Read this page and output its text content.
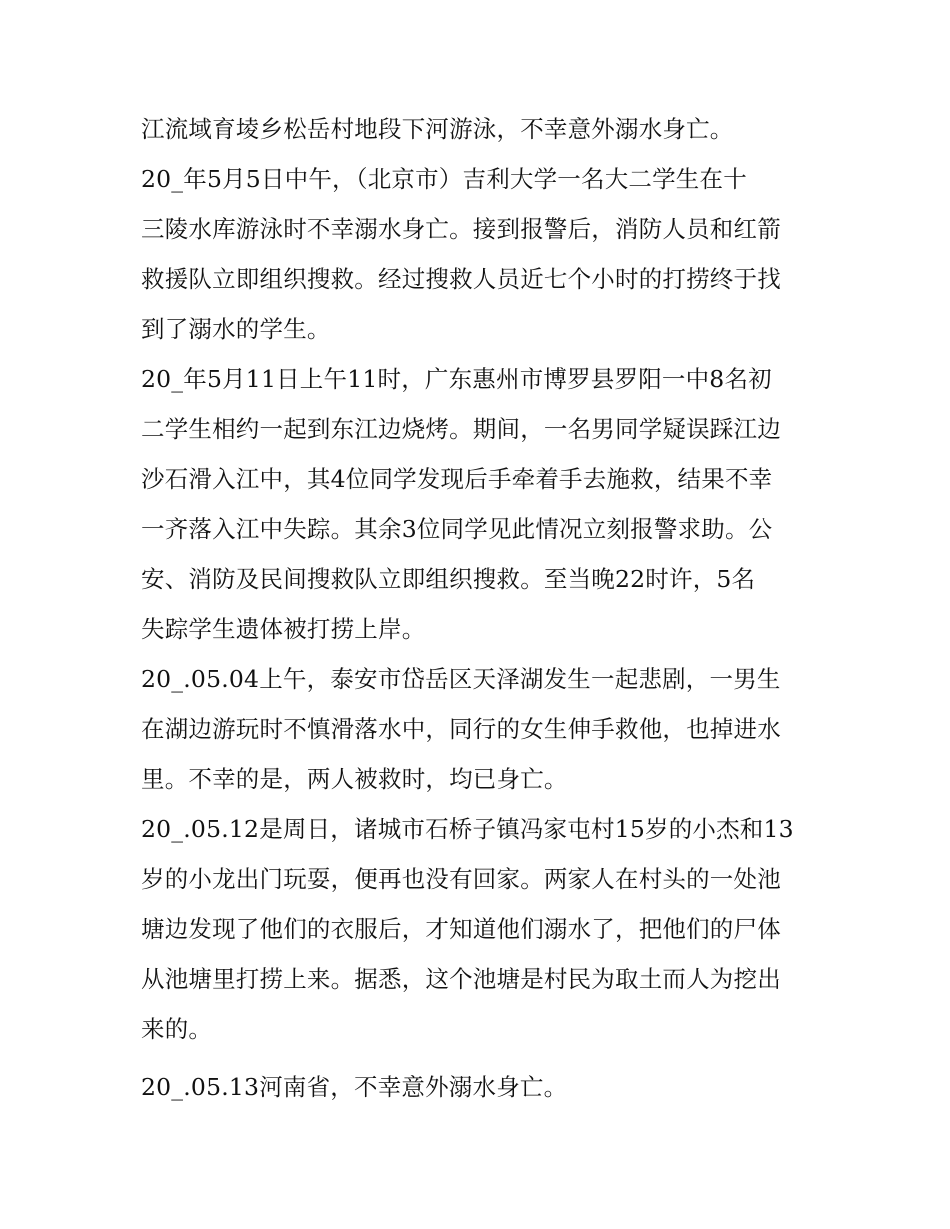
江流域育堎乡松岳村地段下河游泳，不幸意外溺水身亡。
20_年5月5日中午，（北京市）吉利大学一名大二学生在十
三陵水库游泳时不幸溺水身亡。接到报警后，消防人员和红箭
救援队立即组织搜救。经过搜救人员近七个小时的打捞终于找
到了溺水的学生。
20_年5月11日上午11时，广东惠州市博罗县罗阳一中8名初
二学生相约一起到东江边烧烤。期间，一名男同学疑误踩江边
沙石滑入江中，其4位同学发现后手牵着手去施救，结果不幸
一齐落入江中失踪。其余3位同学见此情况立刻报警求助。公
安、消防及民间搜救队立即组织搜救。至当晚22时许，5名
失踪学生遗体被打捞上岸。
20_.05.04上午，泰安市岱岳区天泽湖发生一起悲剧，一男生
在湖边游玩时不慎滑落水中，同行的女生伸手救他，也掉进水
里。不幸的是，两人被救时，均已身亡。
20_.05.12是周日，诸城市石桥子镇冯家屯村15岁的小杰和13
岁的小龙出门玩耍，便再也没有回家。两家人在村头的一处池
塘边发现了他们的衣服后，才知道他们溺水了，把他们的尸体
从池塘里打捞上来。据悉，这个池塘是村民为取土而人为挖出
来的。
20_.05.13河南省，不幸意外溺水身亡。
